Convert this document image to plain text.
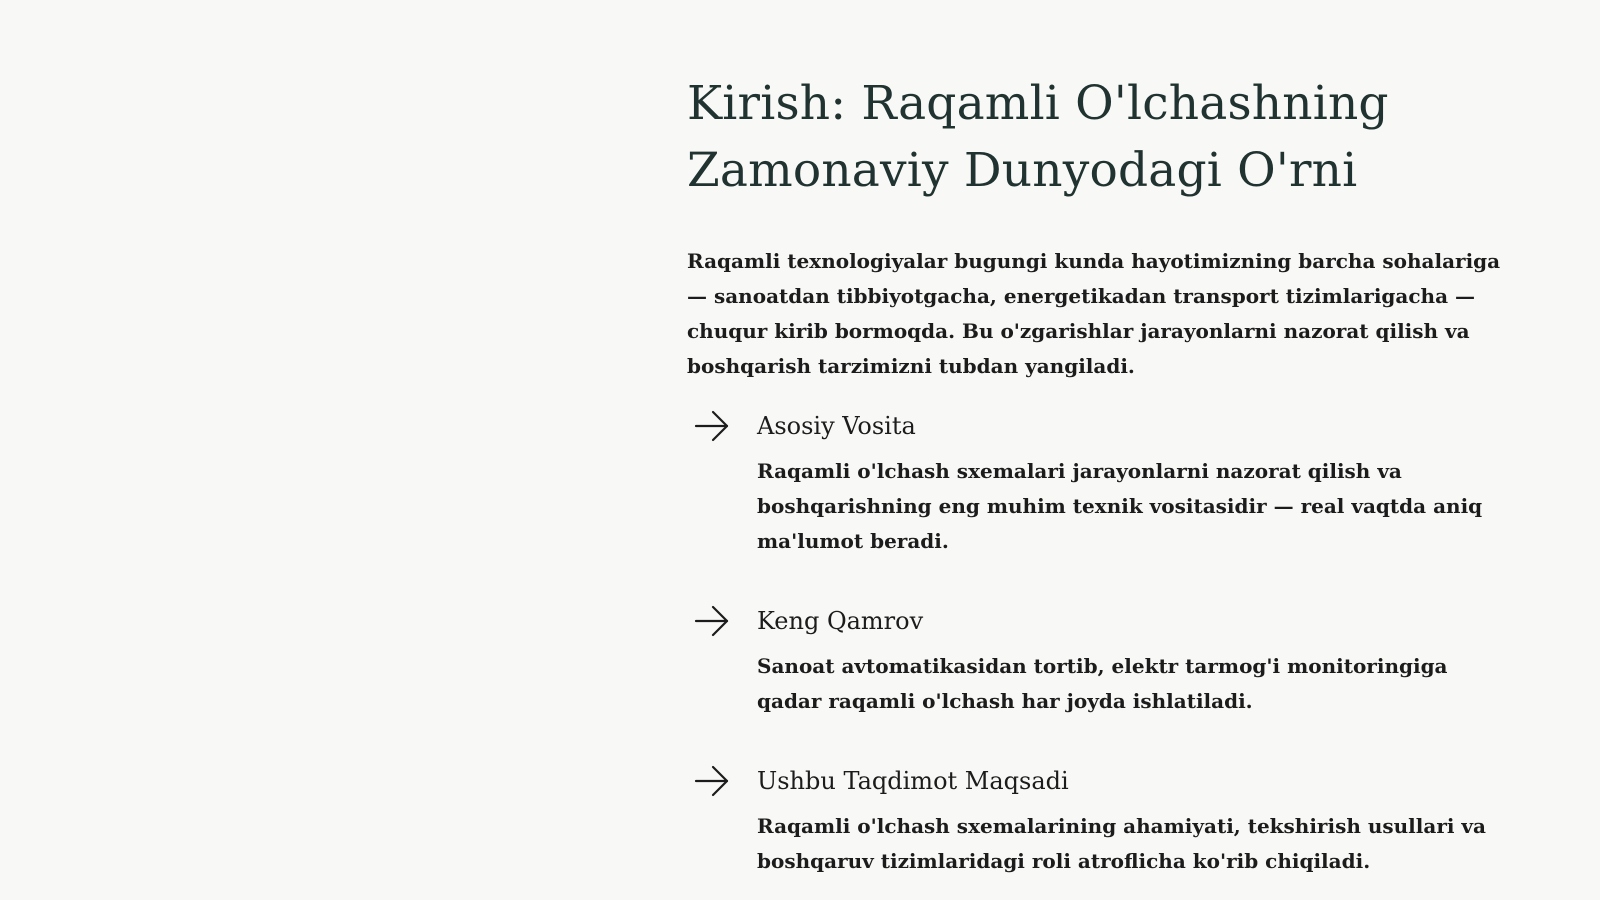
Kirish: Raqamli O'lchashning Zamonaviy Dunyodagi O'rni

Raqamli texnologiyalar bugungi kunda hayotimizning barcha sohalariga — sanoatdan tibbiyotgacha, energetikadan transport tizimlarigacha — chuqur kirib bormoqda. Bu o'zgarishlar jarayonlarni nazorat qilish va boshqarish tarzimizni tubdan yangiladi.

Asosiy Vosita
Raqamli o'lchash sxemalari jarayonlarni nazorat qilish va boshqarishning eng muhim texnik vositasidir — real vaqtda aniq ma'lumot beradi.
Keng Qamrov
Sanoat avtomatikasidan tortib, elektr tarmog'i monitoringiga qadar raqamli o'lchash har joyda ishlatiladi.
Ushbu Taqdimot Maqsadi
Raqamli o'lchash sxemalarining ahamiyati, tekshirish usullari va boshqaruv tizimlaridagi roli atroflicha ko'rib chiqiladi.
